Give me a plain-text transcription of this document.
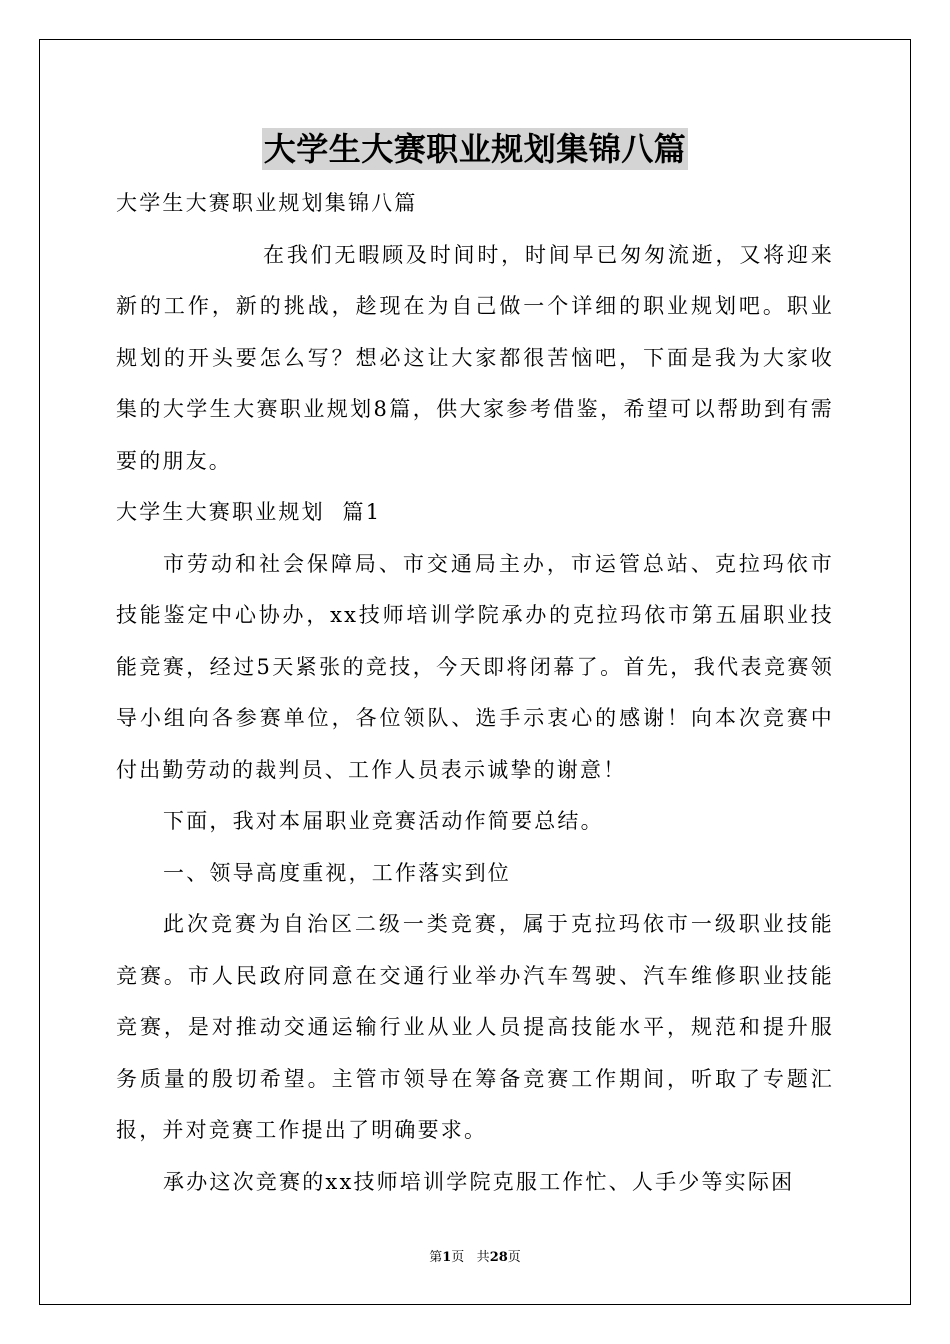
大学生大赛职业规划集锦八篇

大学生大赛职业规划集锦八篇

在我们无暇顾及时间时，时间早已匆匆流逝，又将迎来新的工作，新的挑战，趁现在为自己做一个详细的职业规划吧。职业规划的开头要怎么写？想必这让大家都很苦恼吧，下面是我为大家收集的大学生大赛职业规划8篇，供大家参考借鉴，希望可以帮助到有需要的朋友。

大学生大赛职业规划  篇1

市劳动和社会保障局、市交通局主办，市运管总站、克拉玛依市技能鉴定中心协办，xx技师培训学院承办的克拉玛依市第五届职业技能竞赛，经过5天紧张的竞技，今天即将闭幕了。首先，我代表竞赛领导小组向各参赛单位，各位领队、选手示衷心的感谢！向本次竞赛中付出勤劳动的裁判员、工作人员表示诚挚的谢意！

下面，我对本届职业竞赛活动作简要总结。

一、领导高度重视，工作落实到位

此次竞赛为自治区二级一类竞赛，属于克拉玛依市一级职业技能竞赛。市人民政府同意在交通行业举办汽车驾驶、汽车维修职业技能竞赛，是对推动交通运输行业从业人员提高技能水平，规范和提升服务质量的殷切希望。主管市领导在筹备竞赛工作期间，听取了专题汇报，并对竞赛工作提出了明确要求。

承办这次竞赛的xx技师培训学院克服工作忙、人手少等实际困

第1页 共28页
